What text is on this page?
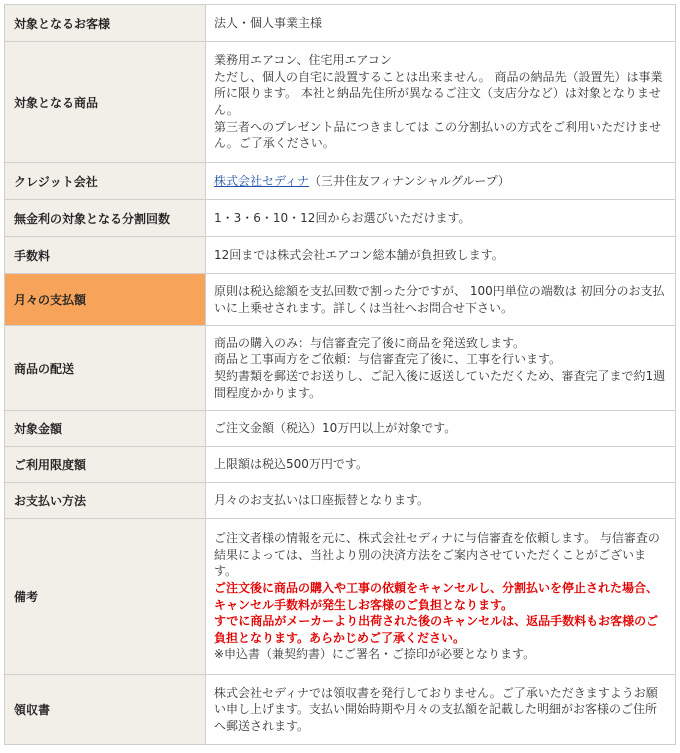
対象となるお客様	法人・個人事業主様
対象となる商品	業務用エアコン、住宅用エアコン

ただし、個人の自宅に設置することは出来ません。 商品の納品先（設置先）は事業所に限ります。 本社と納品先住所が異なるご注文（支店分など）は対象となりません。

第三者へのプレゼント品につきましては この分割払いの方式をご利用いただけません。ご了承ください。

クレジット会社	株式会社セディナ（三井住友フィナンシャルグループ）
無金利の対象となる分割回数	1・3・6・10・12回からお選びいただけます。
手数料	12回までは株式会社エアコン総本舗が負担致します。
月々の支払額	原則は税込総額を支払回数で割った分ですが、 100円単位の端数は 初回分のお支払いに上乗せされます。詳しくは当社へお問合せ下さい。
商品の配送	商品の購入のみ：与信審査完了後に商品を発送致します。

商品と工事両方をご依頼：与信審査完了後に、工事を行います。

契約書類を郵送でお送りし、ご記入後に返送していただくため、審査完了まで約1週間程度かかります。

対象金額	ご注文金額（税込）10万円以上が対象です。
ご利用限度額	上限額は税込500万円です。
お支払い方法	月々のお支払いは口座振替となります。
備考	ご注文者様の情報を元に、株式会社セディナに与信審査を依頼します。 与信審査の結果によっては、当社より別の決済方法をご案内させていただくことがございます。

ご注文後に商品の購入や工事の依頼をキャンセルし、分割払いを停止された場合、キャンセル手数料が発生しお客様のご負担となります。

すでに商品がメーカーより出荷された後のキャンセルは、返品手数料もお客様のご負担となります。あらかじめご了承ください。

※申込書（兼契約書）にご署名・ご捺印が必要となります。

領収書	株式会社セディナでは領収書を発行しておりません。ご了承いただきますようお願い申し上げます。支払い開始時期や月々の支払額を記載した明細がお客様のご住所へ郵送されます。
